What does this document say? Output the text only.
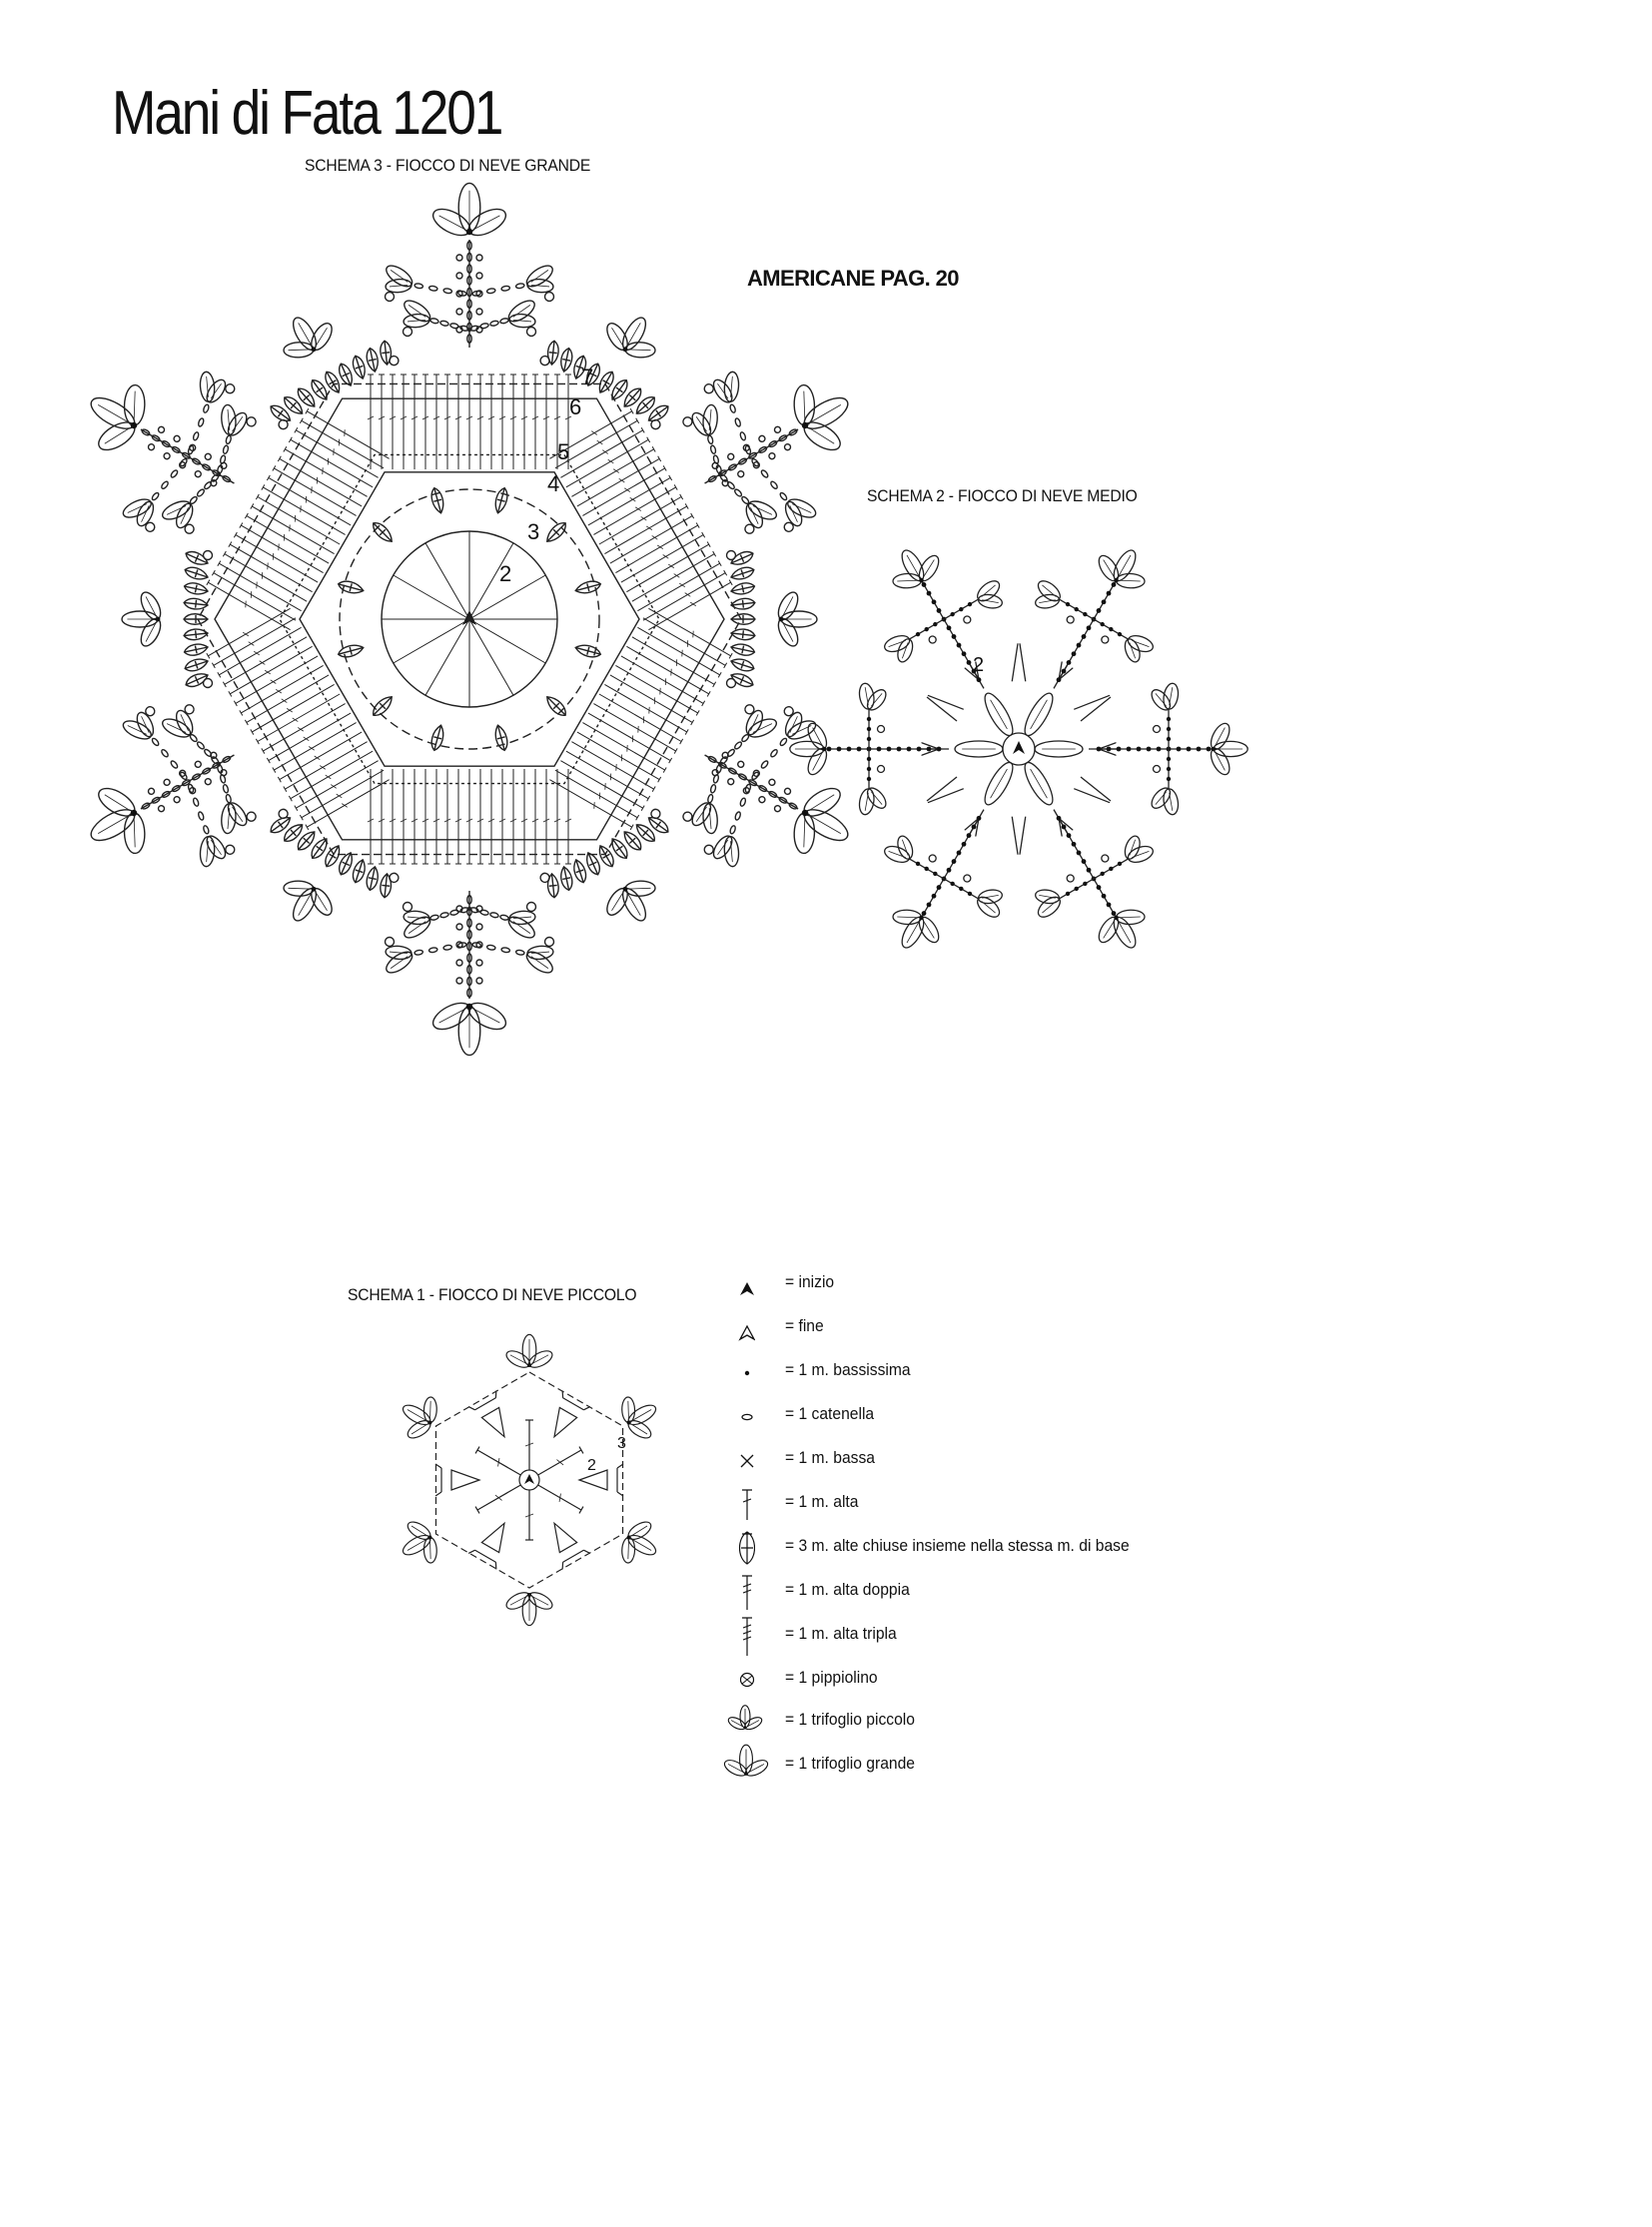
Mani di Fata 1201
SCHEMA 3 - FIOCCO DI NEVE GRANDE
AMERICANE PAG. 20
SCHEMA 2 - FIOCCO DI NEVE MEDIO
SCHEMA 1 - FIOCCO DI NEVE PICCOLO
2
3
4
5
6
7
2
2
3
= inizio
= fine
= 1 m. bassissima
= 1 catenella
= 1 m. bassa
= 1 m. alta
= 3 m. alte chiuse insieme nella stessa m. di base
= 1 m. alta doppia
= 1 m. alta tripla
= 1 pippiolino
= 1 trifoglio piccolo
= 1 trifoglio grande
